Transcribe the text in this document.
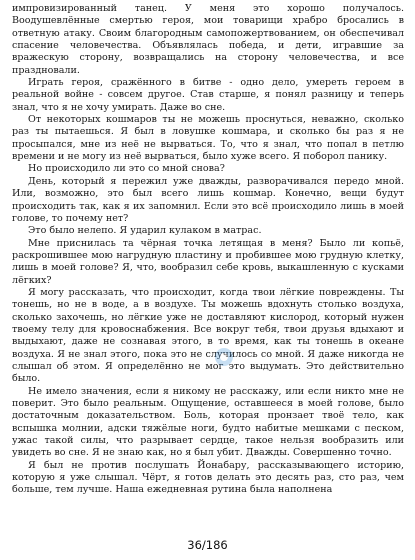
импровизированный танец. У меня это хорошо получалось. Воодушевлённые смертью героя, мои товарищи храбро бросались в ответную атаку. Своим благородным самопожертвованием, он обеспечивал спасение человечества. Объявлялась победа, и дети, игравшие за вражескую сторону, возвращались на сторону человечества, и все праздновали.

Играть героя, сражённого в битве - одно дело, умереть героем в реальной войне - совсем другое. Став старше, я понял разницу и теперь знал, что я не хочу умирать. Даже во сне.

От некоторых кошмаров ты не можешь проснуться, неважно, сколько раз ты пытаешься. Я был в ловушке кошмара, и сколько бы раз я не просыпался, мне из неё не вырваться. То, что я знал, что попал в петлю времени и не могу из неё вырваться, было хуже всего. Я поборол панику.

Но происходило ли это со мной снова?

День, который я пережил уже дважды, разворачивался передо мной. Или, возможно, это был всего лишь кошмар. Конечно, вещи будут происходить так, как я их запомнил. Если это всё происходило лишь в моей голове, то почему нет?

Это было нелепо. Я ударил кулаком в матрас.

Мне приснилась та чёрная точка летящая в меня? Было ли копьё, раскрошившее мою нагрудную пластину и пробившее мою грудную клетку, лишь в моей голове? Я, что, вообразил себе кровь, выкашленную с кусками лёгких?

Я могу рассказать, что происходит, когда твои лёгкие повреждены. Ты тонешь, но не в воде, а в воздухе. Ты можешь вдохнуть столько воздуха, сколько захочешь, но лёгкие уже не доставляют кислород, который нужен твоему телу для кровоснабжения. Все вокруг тебя, твои друзья вдыхают и выдыхают, даже не сознавая этого, в то время, как ты тонешь в океане воздуха. Я не знал этого, пока это не случилось со мной. Я даже никогда не слышал об этом. Я определённо не мог это выдумать. Это действительно было.

Не имело значения, если я никому не расскажу, или если никто мне не поверит. Это было реальным. Ощущение, оставшееся в моей голове, было достаточным доказательством. Боль, которая пронзает твоё тело, как вспышка молнии, адски тяжёлые ноги, будто набитые мешками с песком, ужас такой силы, что разрывает сердце, такое нельзя вообразить или увидеть во сне. Я не знаю как, но я был убит. Дважды. Совершенно точно.

Я был не против послушать Йонабару, рассказывающего историю, которую я уже слышал. Чёрт, я готов делать это десять раз, сто раз, чем больше, тем лучше. Наша ежедневная рутина была наполнена

36/186
